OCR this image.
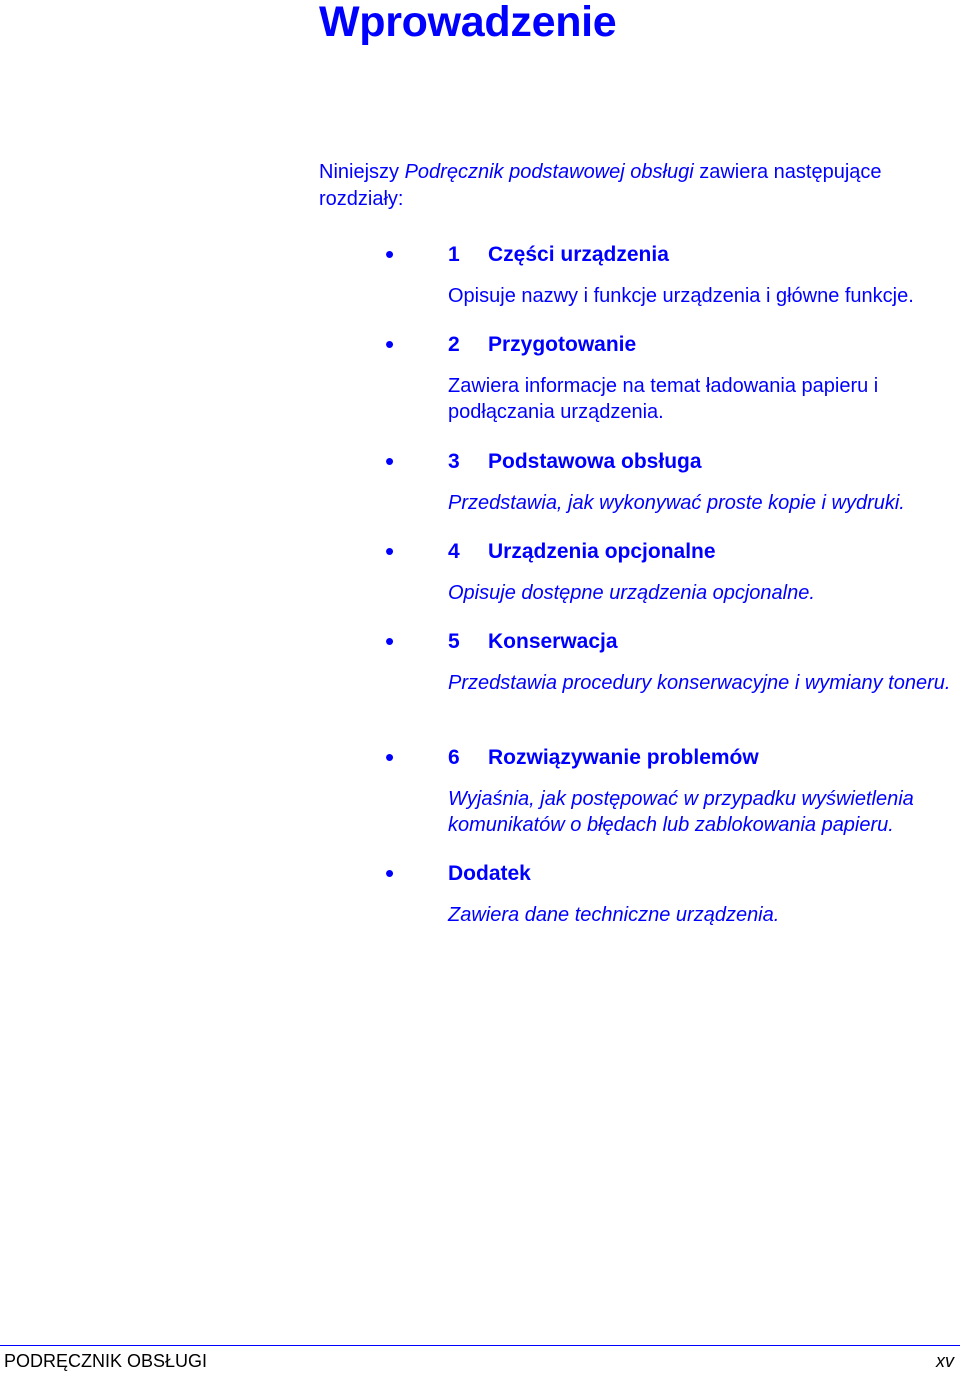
Wprowadzenie

Niniejszy Podręcznik podstawowej obsługi zawiera następujące rozdziały:

•	1 Części urządzenia

Opisuje nazwy i funkcje urządzenia i główne funkcje.

•	2 Przygotowanie

Zawiera informacje na temat ładowania papieru i podłączania urządzenia.

•	3 Podstawowa obsługa

Przedstawia, jak wykonywać proste kopie i wydruki.

•	4 Urządzenia opcjonalne

Opisuje dostępne urządzenia opcjonalne.

•	5 Konserwacja

Przedstawia procedury konserwacyjne i wymiany toneru.

•	6 Rozwiązywanie problemów

Wyjaśnia, jak postępować w przypadku wyświetlenia komunikatów o błędach lub zablokowania papieru.

•	Dodatek

Zawiera dane techniczne urządzenia.

PODRĘCZNIK OBSŁUGI	xv
